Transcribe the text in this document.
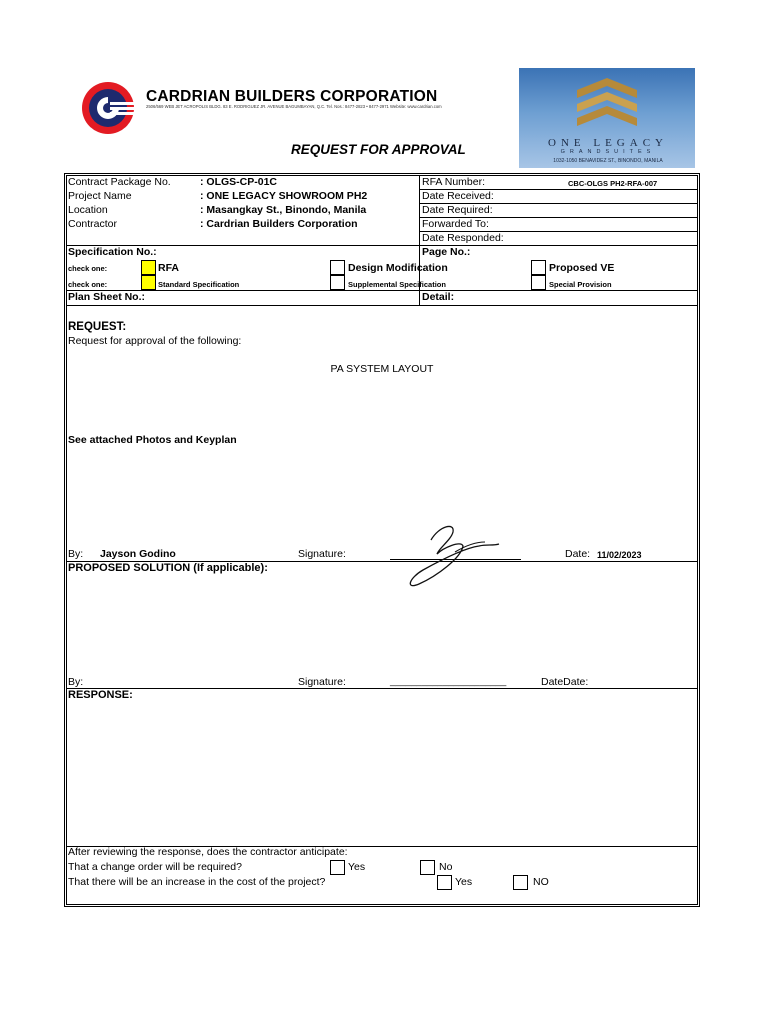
CARDRIAN BUILDERS CORPORATION
2506/569 WEB JET ACROPOLIS BLDG. 83 E. RODRIGUEZ JR. AVENUE BAGUMBAYAN, Q.C. Tel. Nos.: 8477-2823 • 8477-2971 Website: www.cardrian.com
REQUEST FOR APPROVAL	ONE LEGACY
GRANDSUITES
1032-1050 BENAVIDEZ ST., BINONDO, MANILA
Contract Package No.	: OLGS-CP-01C
Project Name	: ONE LEGACY SHOWROOM PH2
Location	: Masangkay St., Binondo, Manila
Contractor	: Cardrian Builders Corporation
RFA Number:	CBC-OLGS PH2-RFA-007
Date Received:
Date Required:
Forwarded To:
Date Responded:
Specification No.:	Page No.:
check one:	RFA	Design Modification	Proposed VE
check one:	Standard Specification	Supplemental Specification	Special Provision
Plan Sheet No.:	Detail:
REQUEST:
Request for approval of the following:
PA SYSTEM LAYOUT
See attached Photos and Keyplan
By: Jayson Godino	Signature:	Date: 11/02/2023
PROPOSED SOLUTION (If applicable):
By:	Signature:	______________________	DateDate:
RESPONSE:
After reviewing the response, does the contractor anticipate:
That a change order will be required?	Yes	No
That there will be an increase in the cost of the project?	Yes	NO
